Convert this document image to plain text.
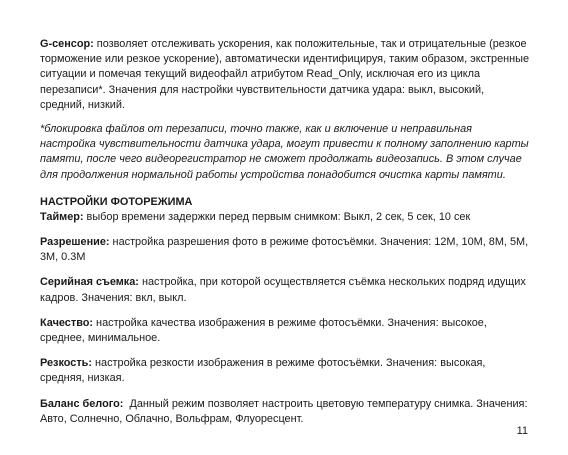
G-сенсор: позволяет отслеживать ускорения, как положительные, так и отрицательные (резкое торможение или резкое ускорение), автоматически идентифицируя, таким образом, экстренные ситуации и помечая текущий видеофайл атрибутом Read_Only, исключая его из цикла перезаписи*. Значения для настройки чувствительности датчика удара: выкл, высокий, средний, низкий.

*блокировка файлов от перезаписи, точно также, как и включение и неправильная настройка чувствительности датчика удара, могут привести к полному заполнению карты памяти, после чего видеорегистратор не сможет продолжать видеозапись. В этом случае для продолжения нормальной работы устройства понадобится очистка карты памяти.

НАСТРОЙКИ ФОТОРЕЖИМА

Таймер: выбор времени задержки перед первым снимком: Выкл, 2 сек, 5 сек, 10 сек

Разрешение: настройка разрешения фото в режиме фотосъёмки. Значения: 12M, 10M, 8M, 5M, 3M, 0.3M

Серийная съемка: настройка, при которой осуществляется съёмка нескольких подряд идущих кадров. Значения: вкл, выкл.

Качество: настройка качества изображения в режиме фотосъёмки. Значения: высокое, среднее, минимальное.

Резкость: настройка резкости изображения в режиме фотосъёмки. Значения: высокая, средняя, низкая.

Баланс белого:  Данный режим позволяет настроить цветовую температуру снимка. Значения: Авто, Солнечно, Облачно, Вольфрам, Флуоресцент.

11
